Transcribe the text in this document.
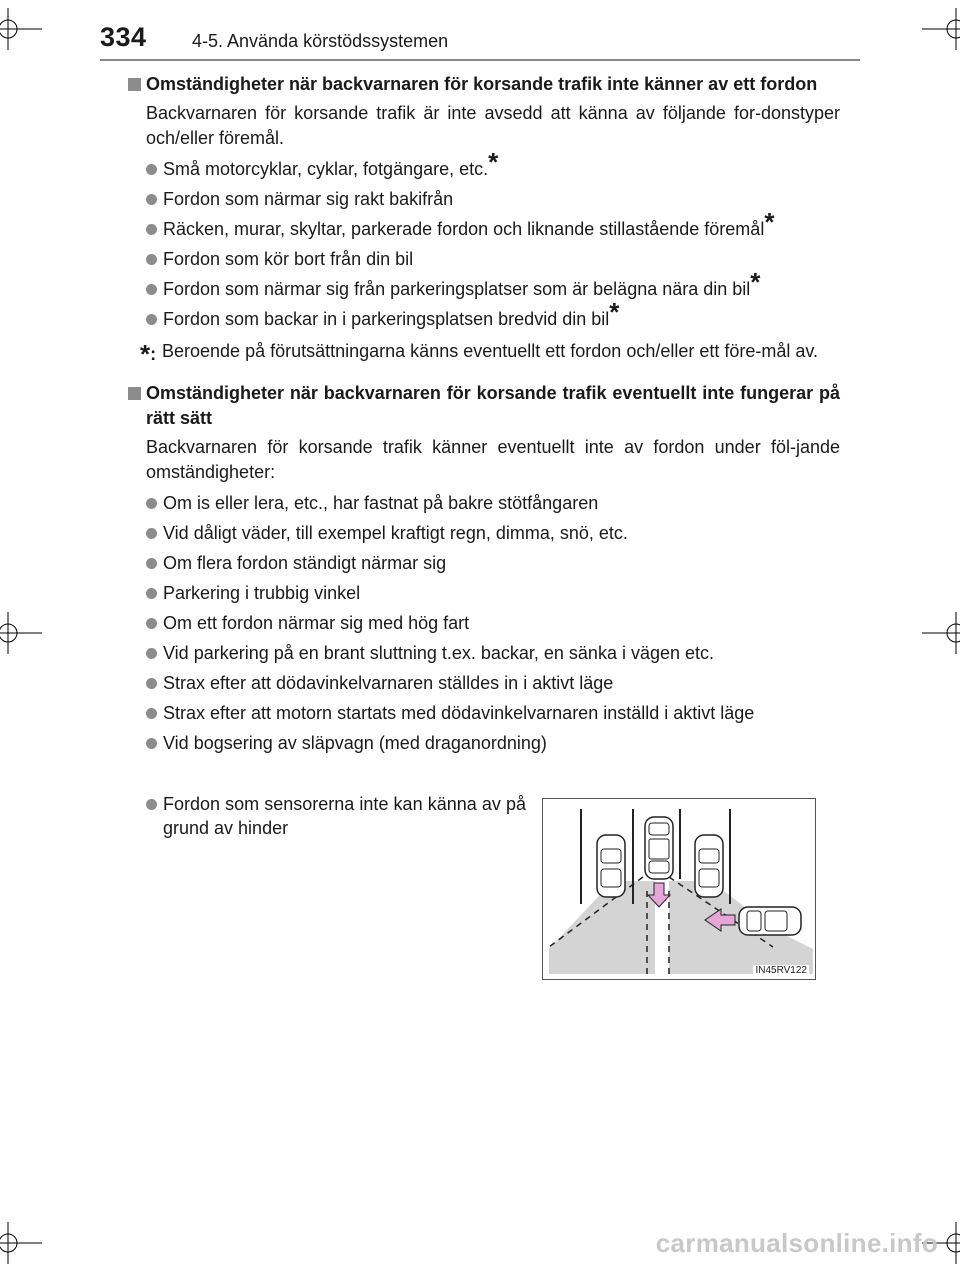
334	4-5. Använda körstödssystemen
Omständigheter när backvarnaren för korsande trafik inte känner av ett fordon
Backvarnaren för korsande trafik är inte avsedd att känna av följande for-donstyper och/eller föremål.
Små motorcyklar, cyklar, fotgängare, etc.*
Fordon som närmar sig rakt bakifrån
Räcken, murar, skyltar, parkerade fordon och liknande stillastående föremål*
Fordon som kör bort från din bil
Fordon som närmar sig från parkeringsplatser som är belägna nära din bil*
Fordon som backar in i parkeringsplatsen bredvid din bil*
*: Beroende på förutsättningarna känns eventuellt ett fordon och/eller ett före-mål av.
Omständigheter när backvarnaren för korsande trafik eventuellt inte fungerar på rätt sätt
Backvarnaren för korsande trafik känner eventuellt inte av fordon under föl-jande omständigheter:
Om is eller lera, etc., har fastnat på bakre stötfångaren
Vid dåligt väder, till exempel kraftigt regn, dimma, snö, etc.
Om flera fordon ständigt närmar sig
Parkering i trubbig vinkel
Om ett fordon närmar sig med hög fart
Vid parkering på en brant sluttning t.ex. backar, en sänka i vägen etc.
Strax efter att dödavinkelvarnaren ställdes in i aktivt läge
Strax efter att motorn startats med dödavinkelvarnaren inställd i aktivt läge
Vid bogsering av släpvagn (med draganordning)
Fordon som sensorerna inte kan känna av på grund av hinder
IN45RV122
carmanualsonline.info
